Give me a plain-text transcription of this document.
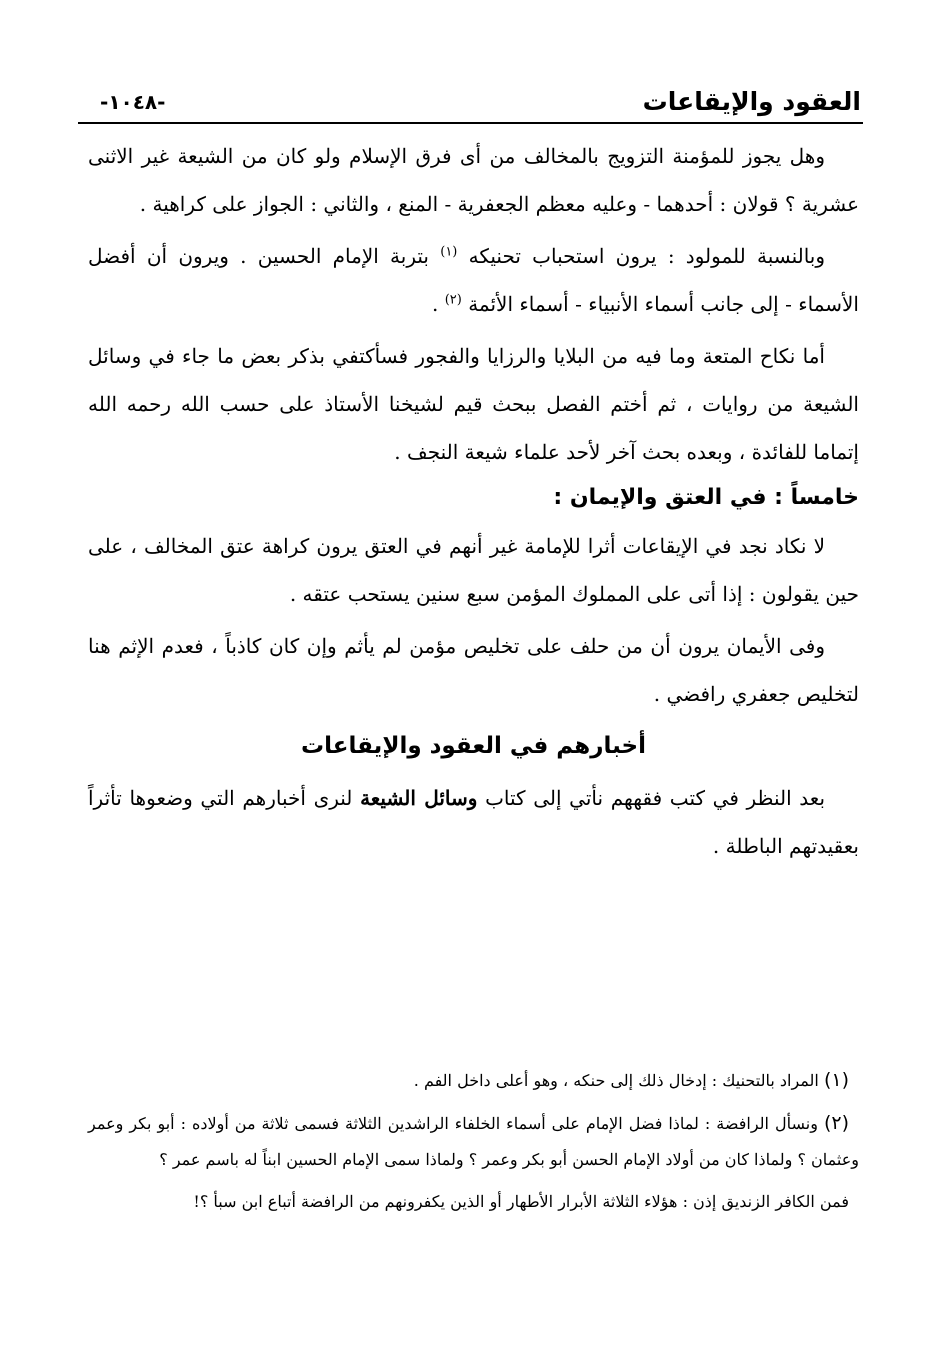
العقود والإيقاعات
-١٠٤٨-

وهل يجوز للمؤمنة التزويج بالمخالف من أى فرق الإسلام ولو كان من الشيعة غير الاثنى عشرية ؟ قولان : أحدهما - وعليه معظم الجعفرية - المنع ، والثاني : الجواز على كراهية .

وبالنسبة للمولود : يرون استحباب تحنيكه $^{(١)}$ بتربة الإمام الحسين . ويرون أن أفضل الأسماء - إلى جانب أسماء الأنبياء - أسماء الأئمة $^{(٢)}$ .

أما نكاح المتعة وما فيه من البلايا والرزايا والفجور فسأكتفي بذكر بعض ما جاء في وسائل الشيعة من روايات ، ثم أختم الفصل ببحث قيم لشيخنا الأستاذ على حسب الله رحمه الله إتماما للفائدة ، وبعده بحث آخر لأحد علماء شيعة النجف .

خامساً : في العتق والإيمان :

لا نكاد نجد في الإيقاعات أثرا للإمامة غير أنهم في العتق يرون كراهة عتق المخالف ، على حين يقولون : إذا أتى على المملوك المؤمن سبع سنين يستحب عتقه .

وفى الأيمان يرون أن من حلف على تخليص مؤمن لم يأثم وإن كان كاذباً ، فعدم الإثم هنا لتخليص جعفري رافضي .

أخبارهم في العقود والإيقاعات

بعد النظر في كتب فقههم نأتي إلى كتاب وسائل الشيعة لنرى أخبارهم التي وضعوها تأثراً بعقيدتهم الباطلة .

(١) المراد بالتحنيك : إدخال ذلك إلى حنكه ، وهو أعلى داخل الفم .

(٢) ونسأل الرافضة : لماذا فضل الإمام على أسماء الخلفاء الراشدين الثلاثة فسمى ثلاثة من أولاده : أبو بكر وعمر وعثمان ؟ ولماذا كان من أولاد الإمام الحسن أبو بكر وعمر ؟ ولماذا سمى الإمام الحسين ابناً له باسم عمر ؟

فمن الكافر الزنديق إذن : هؤلاء الثلاثة الأبرار الأطهار أو الذين يكفرونهم من الرافضة أتباع ابن سبأ ؟!
